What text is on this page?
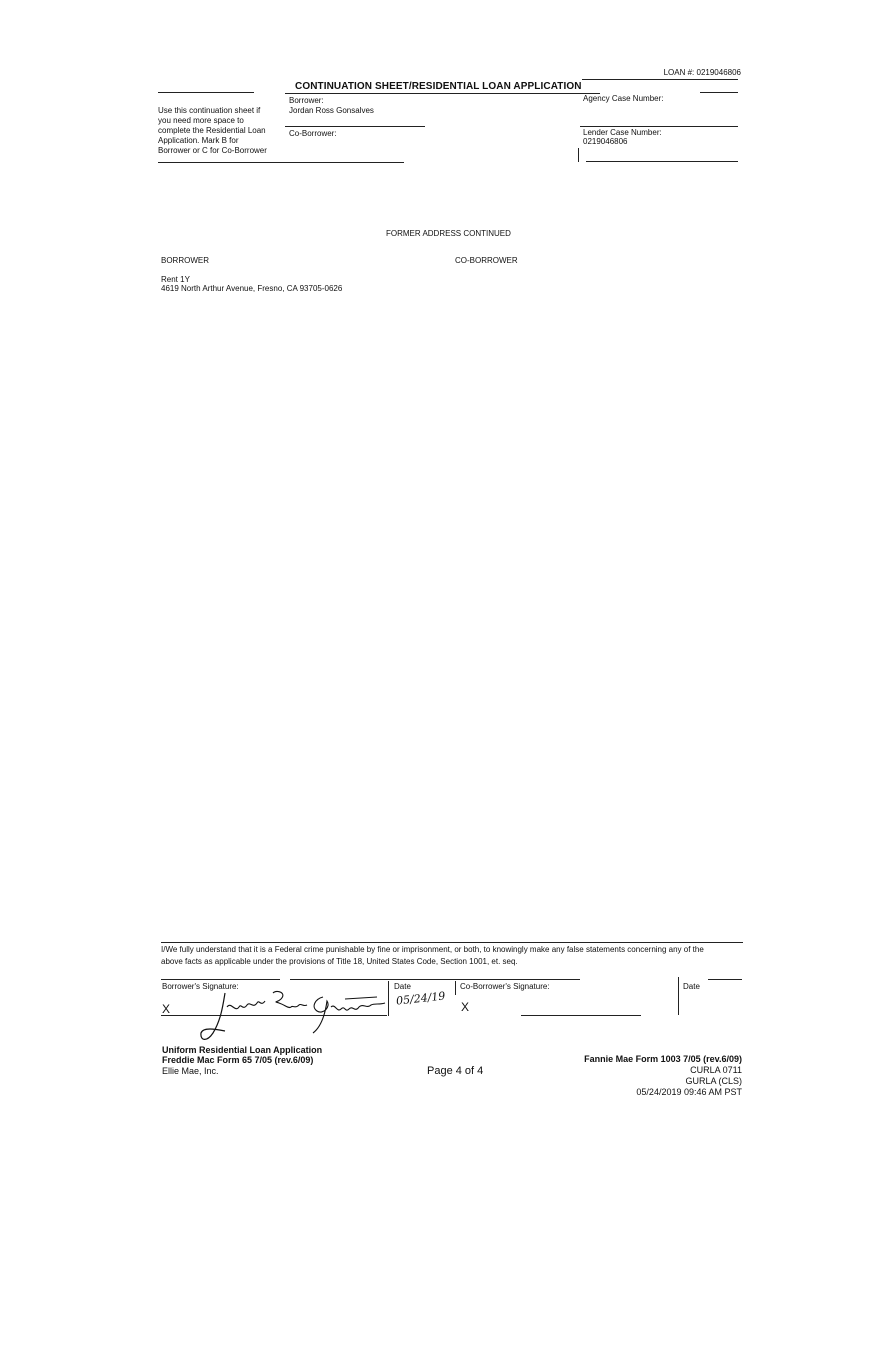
LOAN #: 0219046806
CONTINUATION SHEET/RESIDENTIAL LOAN APPLICATION
Use this continuation sheet if
you need more space to
complete the Residential Loan
Application. Mark B for
Borrower or C for Co-Borrower
Borrower:
Jordan Ross Gonsalves
Co-Borrower:
Agency Case Number:
Lender Case Number:
0219046806
FORMER ADDRESS CONTINUED
BORROWER	CO-BORROWER
Rent 1Y
4619 North Arthur Avenue, Fresno, CA 93705-0626
I/We fully understand that it is a Federal crime punishable by fine or imprisonment, or both, to knowingly make any false statements concerning any of the
above facts as applicable under the provisions of Title 18, United States Code, Section 1001, et. seq.
Borrower's Signature:
X
Date
05/24/19
Co-Borrower's Signature:
X
Date
Uniform Residential Loan Application
Freddie Mac Form 65 7/05 (rev.6/09)
Ellie Mae, Inc.	Page 4 of 4
Fannie Mae Form 1003 7/05 (rev.6/09)
CURLA 0711
GURLA (CLS)
05/24/2019 09:46 AM PST
